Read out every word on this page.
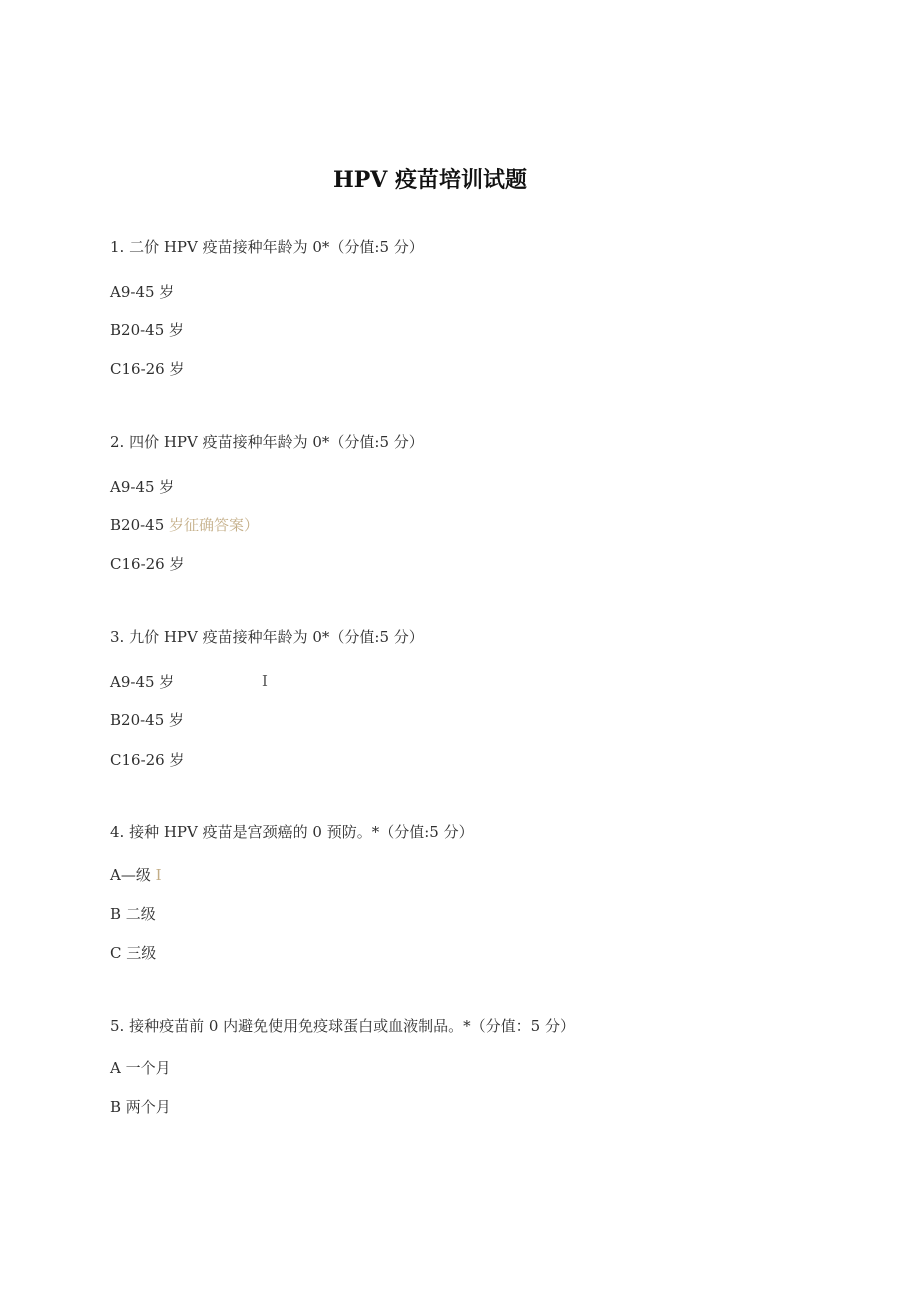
HPV 疫苗培训试题
1. 二价 HPV 疫苗接种年龄为 0*（分值:5 分）
A9-45 岁
B20-45 岁
C16-26 岁
2. 四价 HPV 疫苗接种年龄为 0*（分值:5 分）
A9-45 岁
B20-45 岁征确答案）
C16-26 岁
3. 九价 HPV 疫苗接种年龄为 0*（分值:5 分）
A9-45 岁	I
B20-45 岁
C16-26 岁
4. 接种 HPV 疫苗是宫颈癌的 0 预防。*（分值:5 分）
A—级 I
B 二级
C 三级
5. 接种疫苗前 0 内避免使用免疫球蛋白或血液制品。*（分值：5 分）
A 一个月
B 两个月
